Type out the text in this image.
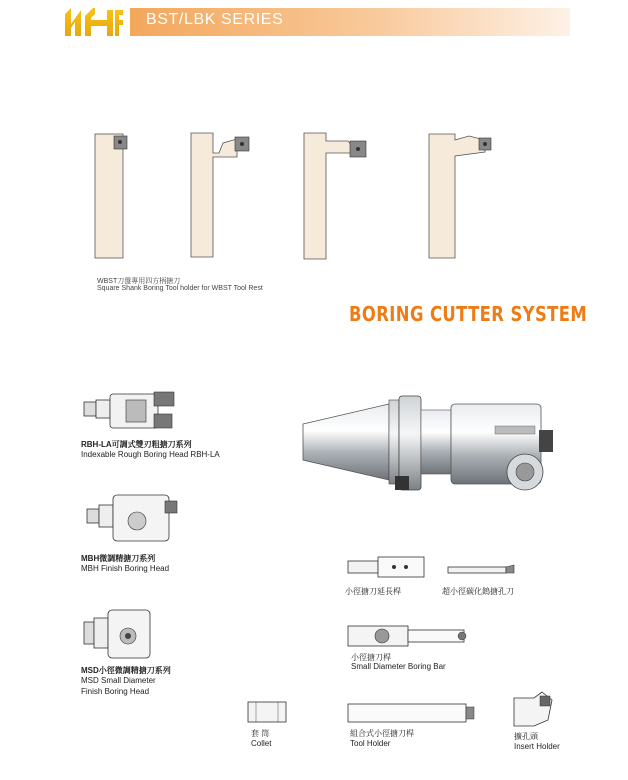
BST/LBK SERIES
WBST刀盤專用四方柄搪刀
Square Shank Boring Tool holder for WBST Tool Rest
BORING CUTTER SYSTEM
RBH-LA可調式雙刃粗搪刀系列
Indexable Rough Boring Head RBH-LA
MBH微調精搪刀系列
MBH Finish Boring Head
MSD小徑微調精搪刀系列
MSD Small Diameter
Finish Boring Head
小徑搪刀延長桿	超小徑碳化鎢搪孔刀
小徑搪刀桿
Small Diameter Boring Bar
套 筒
Collet
組合式小徑搪刀桿
Tool Holder
擴孔頭
Insert Holder
